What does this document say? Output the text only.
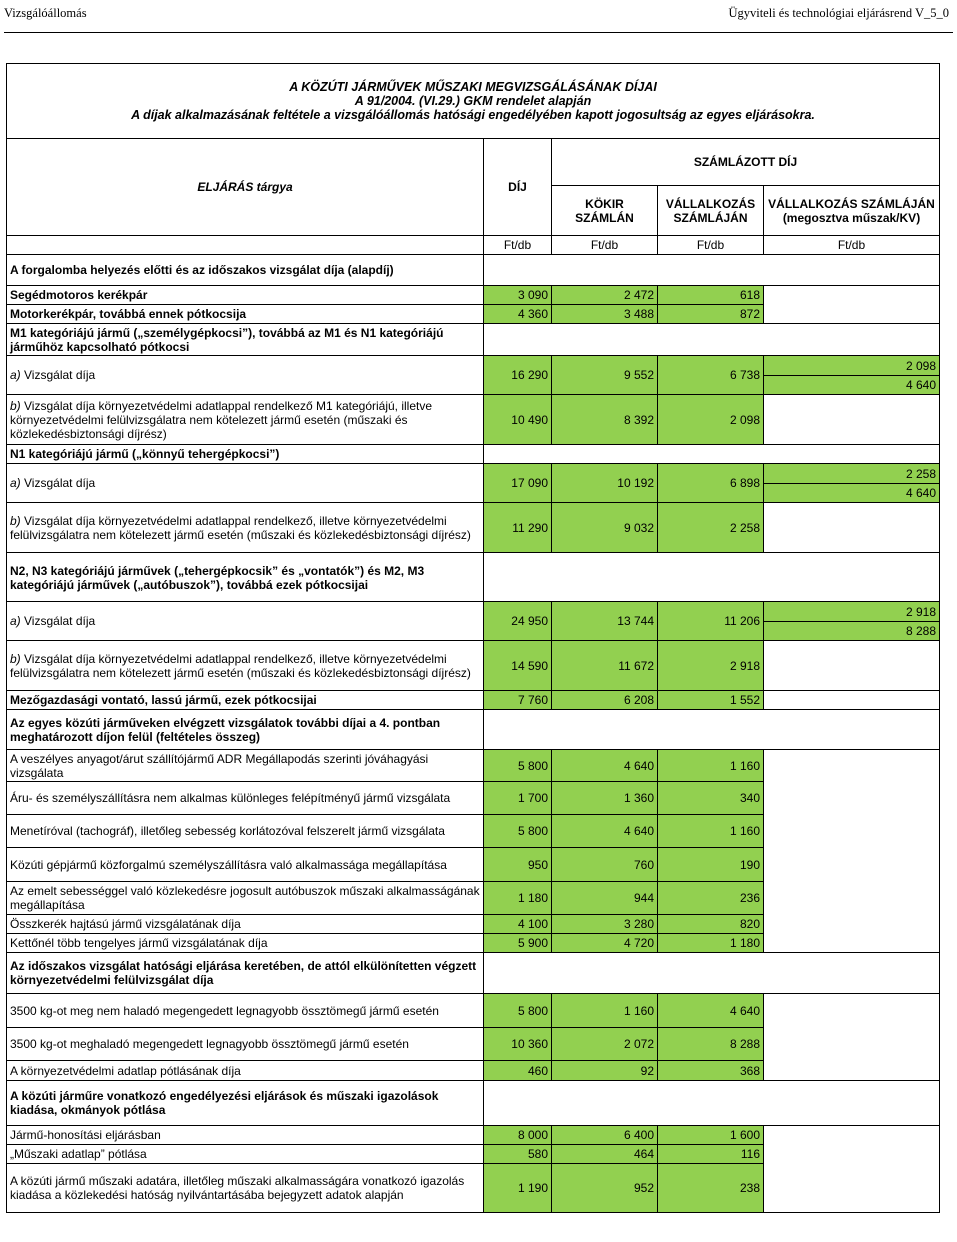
Vizsgálóállomás	Ügyviteli és technológiai eljárásrend V_5_0
A KÖZÚTI JÁRMŰVEK MŰSZAKI MEGVIZSGÁLÁSÁNAK DÍJAI
A 91/2004. (VI.29.) GKM rendelet alapján
A díjak alkalmazásának feltétele a vizsgálóállomás hatósági engedélyében kapott jogosultság az egyes eljárásokra.				

ELJÁRÁS tárgya	DÍJ	SZÁMLÁZOTT DÍJ		
		KÖKIR SZÁMLÁN	VÁLLALKOZÁS SZÁMLÁJÁN	VÁLLALKOZÁS SZÁMLÁJÁN
(megosztva műszak/KV)

	Ft/db	Ft/db	Ft/db	Ft/db
A forgalomba helyezés előtti és az időszakos vizsgálat díja (alapdíj)				
Segédmotoros kerékpár	3 090	2 472	618	
Motorkerékpár, továbbá ennek pótkocsija	4 360	3 488	872	
M1 kategóriájú jármű („személygépkocsi”), továbbá az M1 és N1 kategóriájú járműhöz kapcsolható pótkocsi				
a) Vizsgálat díja	16 290	9 552	6 738	2 098
				4 640
b) Vizsgálat díja környezetvédelmi adatlappal rendelkező M1 kategóriájú, illetve környezetvédelmi felülvizsgálatra nem kötelezett jármű esetén (műszaki és közlekedésbiztonsági díjrész)	10 490	8 392	2 098	
N1 kategóriájú jármű („könnyű tehergépkocsi”)				
a) Vizsgálat díja	17 090	10 192	6 898	2 258
				4 640
b) Vizsgálat díja környezetvédelmi adatlappal rendelkező, illetve környezetvédelmi felülvizsgálatra nem kötelezett jármű esetén (műszaki és közlekedésbiztonsági díjrész)	11 290	9 032	2 258	
N2, N3 kategóriájú járművek („tehergépkocsik” és „vontatók”) és M2, M3 kategóriájú járművek („autóbuszok”), továbbá ezek pótkocsijai				
a) Vizsgálat díja	24 950	13 744	11 206	2 918
				8 288
b) Vizsgálat díja környezetvédelmi adatlappal rendelkező, illetve környezetvédelmi felülvizsgálatra nem kötelezett jármű esetén (műszaki és közlekedésbiztonsági díjrész)	14 590	11 672	2 918	
Mezőgazdasági vontató, lassú jármű, ezek pótkocsijai	7 760	6 208	1 552	
Az egyes közúti járműveken elvégzett vizsgálatok további díjai a 4. pontban meghatározott díjon felül (feltételes összeg)				
A veszélyes anyagot/árut szállítójármű ADR Megállapodás szerinti jóváhagyási vizsgálata	5 800	4 640	1 160	
Áru- és személyszállításra nem alkalmas különleges felépítményű jármű vizsgálata	1 700	1 360	340	
Menetíróval (tachográf), illetőleg sebesség korlátozóval felszerelt jármű vizsgálata	5 800	4 640	1 160	
Közúti gépjármű közforgalmú személyszállításra való alkalmassága megállapítása	950	760	190	
Az emelt sebességgel való közlekedésre jogosult autóbuszok műszaki alkalmasságának megállapítása	1 180	944	236	
Összkerék hajtású jármű vizsgálatának díja	4 100	3 280	820	
Kettőnél több tengelyes jármű vizsgálatának díja	5 900	4 720	1 180	
Az időszakos vizsgálat hatósági eljárása keretében, de attól elkülönítetten végzett környezetvédelmi felülvizsgálat díja				
3500 kg-ot meg nem haladó megengedett legnagyobb össztömegű jármű esetén	5 800	1 160	4 640	
3500 kg-ot meghaladó megengedett legnagyobb össztömegű jármű esetén	10 360	2 072	8 288	
A környezetvédelmi adatlap pótlásának díja	460	92	368	
A közúti járműre vonatkozó engedélyezési eljárások és műszaki igazolások kiadása, okmányok pótlása				
Jármű-honosítási eljárásban	8 000	6 400	1 600	
„Műszaki adatlap” pótlása	580	464	116	
A közúti jármű műszaki adatára, illetőleg műszaki alkalmasságára vonatkozó igazolás kiadása a közlekedési hatóság nyilvántartásába bejegyzett adatok alapján	1 190	952	238	
